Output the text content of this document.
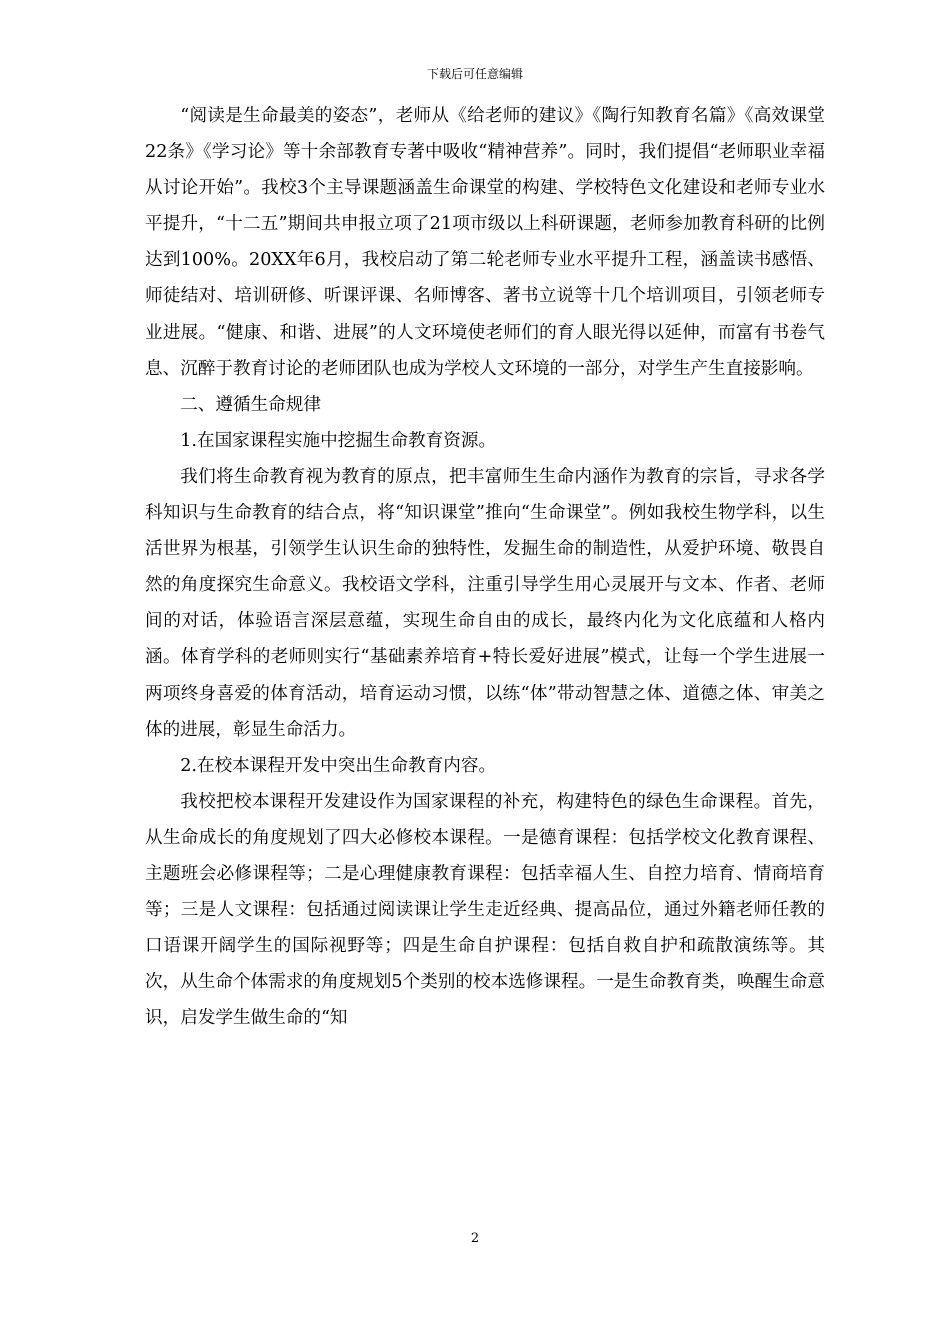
下载后可任意编辑

“阅读是生命最美的姿态”，老师从《给老师的建议》《陶行知教育名篇》《高效课堂22条》《学习论》等十余部教育专著中吸收“精神营养”。同时，我们提倡“老师职业幸福从讨论开始”。我校3个主导课题涵盖生命课堂的构建、学校特色文化建设和老师专业水平提升，“十二五”期间共申报立项了21项市级以上科研课题，老师参加教育科研的比例达到100%。20XX年6月，我校启动了第二轮老师专业水平提升工程，涵盖读书感悟、师徒结对、培训研修、听课评课、名师博客、著书立说等十几个培训项目，引领老师专业进展。“健康、和谐、进展”的人文环境使老师们的育人眼光得以延伸，而富有书卷气息、沉醉于教育讨论的老师团队也成为学校人文环境的一部分，对学生产生直接影响。

二、遵循生命规律

1.在国家课程实施中挖掘生命教育资源。

我们将生命教育视为教育的原点，把丰富师生生命内涵作为教育的宗旨，寻求各学科知识与生命教育的结合点，将“知识课堂”推向“生命课堂”。例如我校生物学科，以生活世界为根基，引领学生认识生命的独特性，发掘生命的制造性，从爱护环境、敬畏自然的角度探究生命意义。我校语文学科，注重引导学生用心灵展开与文本、作者、老师间的对话，体验语言深层意蕴，实现生命自由的成长，最终内化为文化底蕴和人格内涵。体育学科的老师则实行“基础素养培育+特长爱好进展”模式，让每一个学生进展一两项终身喜爱的体育活动，培育运动习惯，以练“体”带动智慧之体、道德之体、审美之体的进展，彰显生命活力。

2.在校本课程开发中突出生命教育内容。

我校把校本课程开发建设作为国家课程的补充，构建特色的绿色生命课程。首先，从生命成长的角度规划了四大必修校本课程。一是德育课程：包括学校文化教育课程、主题班会必修课程等；二是心理健康教育课程：包括幸福人生、自控力培育、情商培育等；三是人文课程：包括通过阅读课让学生走近经典、提高品位，通过外籍老师任教的口语课开阔学生的国际视野等；四是生命自护课程：包括自救自护和疏散演练等。其次，从生命个体需求的角度规划5个类别的校本选修课程。一是生命教育类，唤醒生命意识，启发学生做生命的“知

2
